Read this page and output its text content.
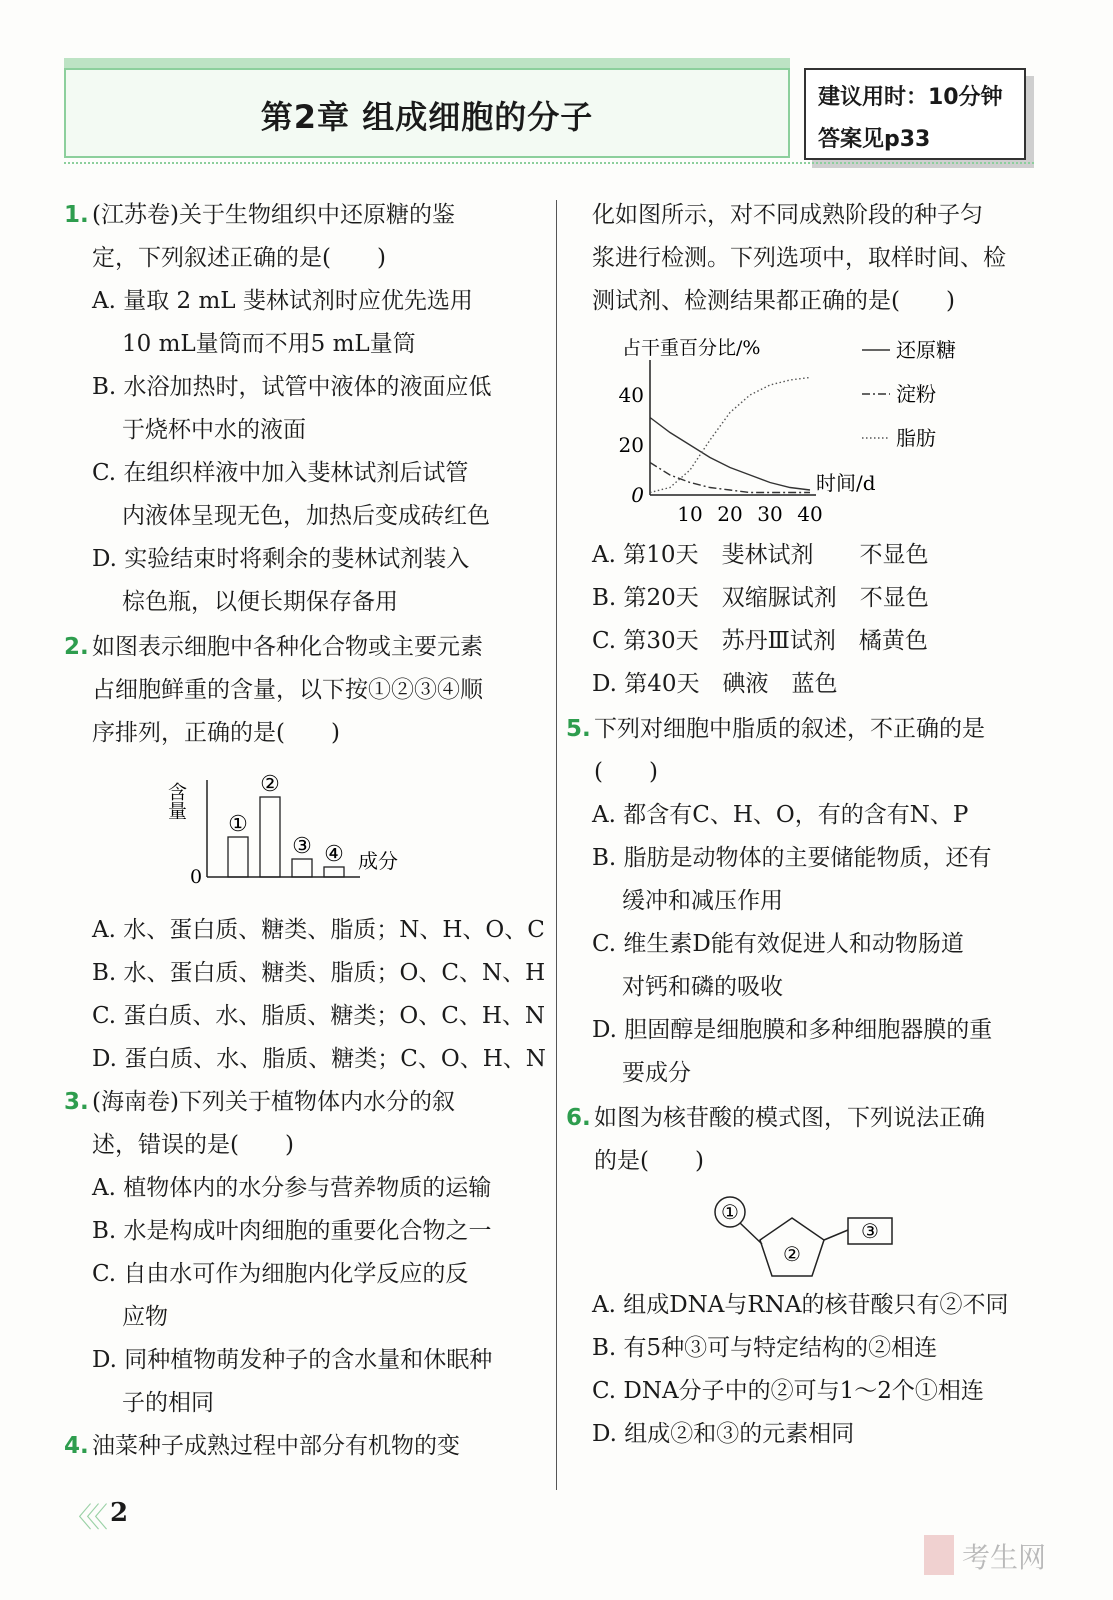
第2章 组成细胞的分子
建议用时：10分钟
答案见p33
1. (江苏卷)关于生物组织中还原糖的鉴
定，下列叙述正确的是(　　)
A. 量取 2 mL 斐林试剂时应优先选用
10 mL量筒而不用5 mL量筒
B. 水浴加热时，试管中液体的液面应低
于烧杯中水的液面
C. 在组织样液中加入斐林试剂后试管
内液体呈现无色，加热后变成砖红色
D. 实验结束时将剩余的斐林试剂装入
棕色瓶，以便长期保存备用
2. 如图表示细胞中各种化合物或主要元素
占细胞鲜重的含量，以下按①②③④顺
序排列，正确的是(　　)
含量
0
成分
①
②
③ ④
A. 水、蛋白质、糖类、脂质；N、H、O、C
B. 水、蛋白质、糖类、脂质；O、C、N、H
C. 蛋白质、水、脂质、糖类；O、C、H、N
D. 蛋白质、水、脂质、糖类；C、O、H、N
3. (海南卷)下列关于植物体内水分的叙
述，错误的是(　　)
A. 植物体内的水分参与营养物质的运输
B. 水是构成叶肉细胞的重要化合物之一
C. 自由水可作为细胞内化学反应的反
应物
D. 同种植物萌发种子的含水量和休眠种
子的相同
4. 油菜种子成熟过程中部分有机物的变
〈〈〈 2
化如图所示，对不同成熟阶段的种子匀
浆进行检测。下列选项中，取样时间、检
测试剂、检测结果都正确的是(　　)
占干重百分比/%
时间/d
10 20 30 40
0
20
40
还原糖
淀粉
脂肪
A. 第10天　斐林试剂　　不显色
B. 第20天　双缩脲试剂　不显色
C. 第30天　苏丹Ⅲ试剂　橘黄色
D. 第40天　碘液　蓝色
5. 下列对细胞中脂质的叙述，不正确的是
(　　)
A. 都含有C、H、O，有的含有N、P
B. 脂肪是动物体的主要储能物质，还有
缓冲和减压作用
C. 维生素D能有效促进人和动物肠道
对钙和磷的吸收
D. 胆固醇是细胞膜和多种细胞器膜的重
要成分
6. 如图为核苷酸的模式图，下列说法正确
的是(　　)
①
②
③
A. 组成DNA与RNA的核苷酸只有②不同
B. 有5种③可与特定结构的②相连
C. DNA分子中的②可与1～2个①相连
D. 组成②和③的元素相同
考生网
